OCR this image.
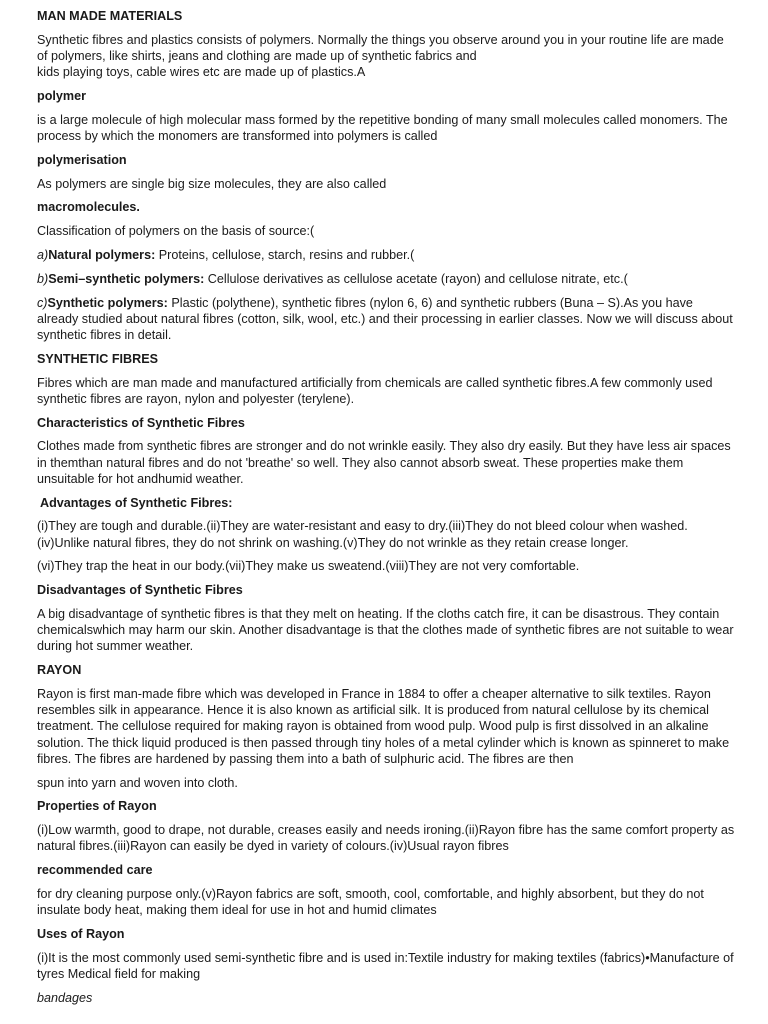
MAN MADE MATERIALS
Synthetic fibres and plastics consists of polymers. Normally the things you observe around you in your routine life are made of polymers, like shirts, jeans and clothing are made up of synthetic fabrics and
kids playing toys, cable wires etc are made up of plastics.A
polymer
is a large molecule of high molecular mass formed by the repetitive bonding of many small molecules called monomers. The process by which the monomers are transformed into polymers is called
polymerisation
As polymers are single big size molecules, they are also called
macromolecules.
Classification of polymers on the basis of source:(
a)Natural polymers: Proteins, cellulose, starch, resins and rubber.(
b)Semi–synthetic polymers: Cellulose derivatives as cellulose acetate (rayon) and cellulose nitrate, etc.(
c)Synthetic polymers: Plastic (polythene), synthetic fibres (nylon 6, 6) and synthetic rubbers (Buna – S).As you have already studied about natural fibres (cotton, silk, wool, etc.) and their processing in earlier classes. Now we will discuss about synthetic fibres in detail.
SYNTHETIC FIBRES
Fibres which are man made and manufactured artificially from chemicals are called synthetic fibres.A few commonly used synthetic fibres are rayon, nylon and polyester (terylene).
Characteristics of Synthetic Fibres
Clothes made from synthetic fibres are stronger and do not wrinkle easily. They also dry easily. But they have less air spaces in themthan natural fibres and do not 'breathe' so well. They also cannot absorb sweat. These properties make them unsuitable for hot andhumid weather.
Advantages of Synthetic Fibres:
(i)They are tough and durable.(ii)They are water-resistant and easy to dry.(iii)They do not bleed colour when washed.(iv)Unlike natural fibres, they do not shrink on washing.(v)They do not wrinkle as they retain crease longer.
(vi)They trap the heat in our body.(vii)They make us sweatend.(viii)They are not very comfortable.
Disadvantages of Synthetic Fibres
A big disadvantage of synthetic fibres is that they melt on heating. If the cloths catch fire, it can be disastrous. They contain chemicalswhich may harm our skin. Another disadvantage is that the clothes made of synthetic fibres are not suitable to wear during hot summer weather.
RAYON
Rayon is first man-made fibre which was developed in France in 1884 to offer a cheaper alternative to silk textiles. Rayon resembles silk in appearance. Hence it is also known as artificial silk. It is produced from natural cellulose by its chemical treatment. The cellulose required for making rayon is obtained from wood pulp. Wood pulp is first dissolved in an alkaline solution. The thick liquid produced is then passed through tiny holes of a metal cylinder which is known as spinneret to make fibres. The fibres are hardened by passing them into a bath of sulphuric acid. The fibres are then
spun into yarn and woven into cloth.
Properties of Rayon
(i)Low warmth, good to drape, not durable, creases easily and needs ironing.(ii)Rayon fibre has the same comfort property as natural fibres.(iii)Rayon can easily be dyed in variety of colours.(iv)Usual rayon fibres
recommended care
for dry cleaning purpose only.(v)Rayon fabrics are soft, smooth, cool, comfortable, and highly absorbent, but they do not insulate body heat, making them ideal for use in hot and humid climates
Uses of Rayon
(i)It is the most commonly used semi-synthetic fibre and is used in:Textile industry for making textiles (fabrics)•Manufacture of tyres Medical field for making
bandages
